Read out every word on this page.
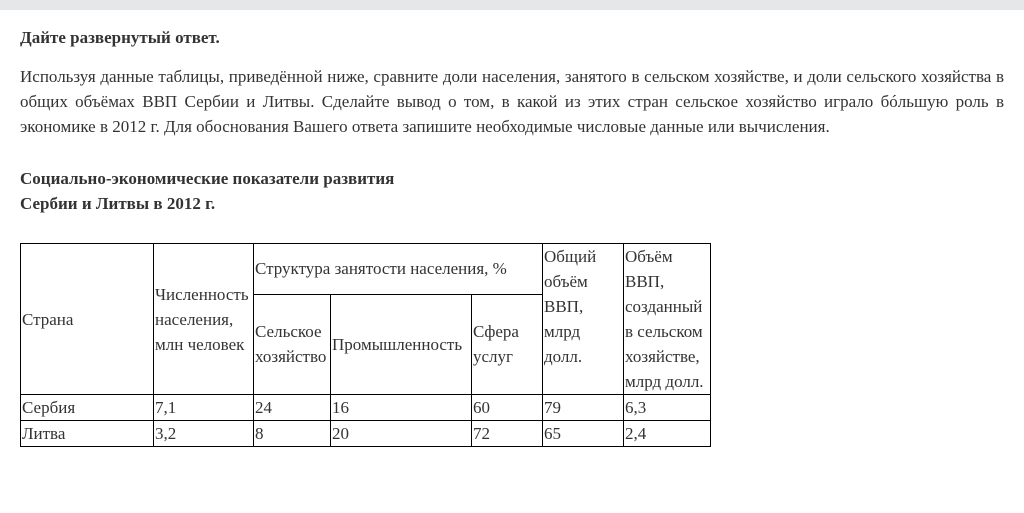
Дайте развернутый ответ.
Используя данные таблицы, приведённой ниже, сравните доли населения, занятого в сельском хозяйстве, и доли сельского хозяйства в общих объёмах ВВП Сербии и Литвы. Сделайте вывод о том, в какой из этих стран сельское хозяйство играло бóльшую роль в экономике в 2012 г. Для обоснования Вашего ответа запишите необходимые числовые данные или вычисления.
Социально-экономические показатели развития
Сербии и Литвы в 2012 г.
Страна	Численность населения, млн человек	Структура занятости населения, %			Общий объём ВВП, млрд долл.	Объём ВВП, созданный в сельском хозяйстве, млрд долл.
		Сельское хозяйство	Промышленность	Сфера услуг		
Сербия	7,1	24	16	60	79	6,3
Литва	3,2	8	20	72	65	2,4
